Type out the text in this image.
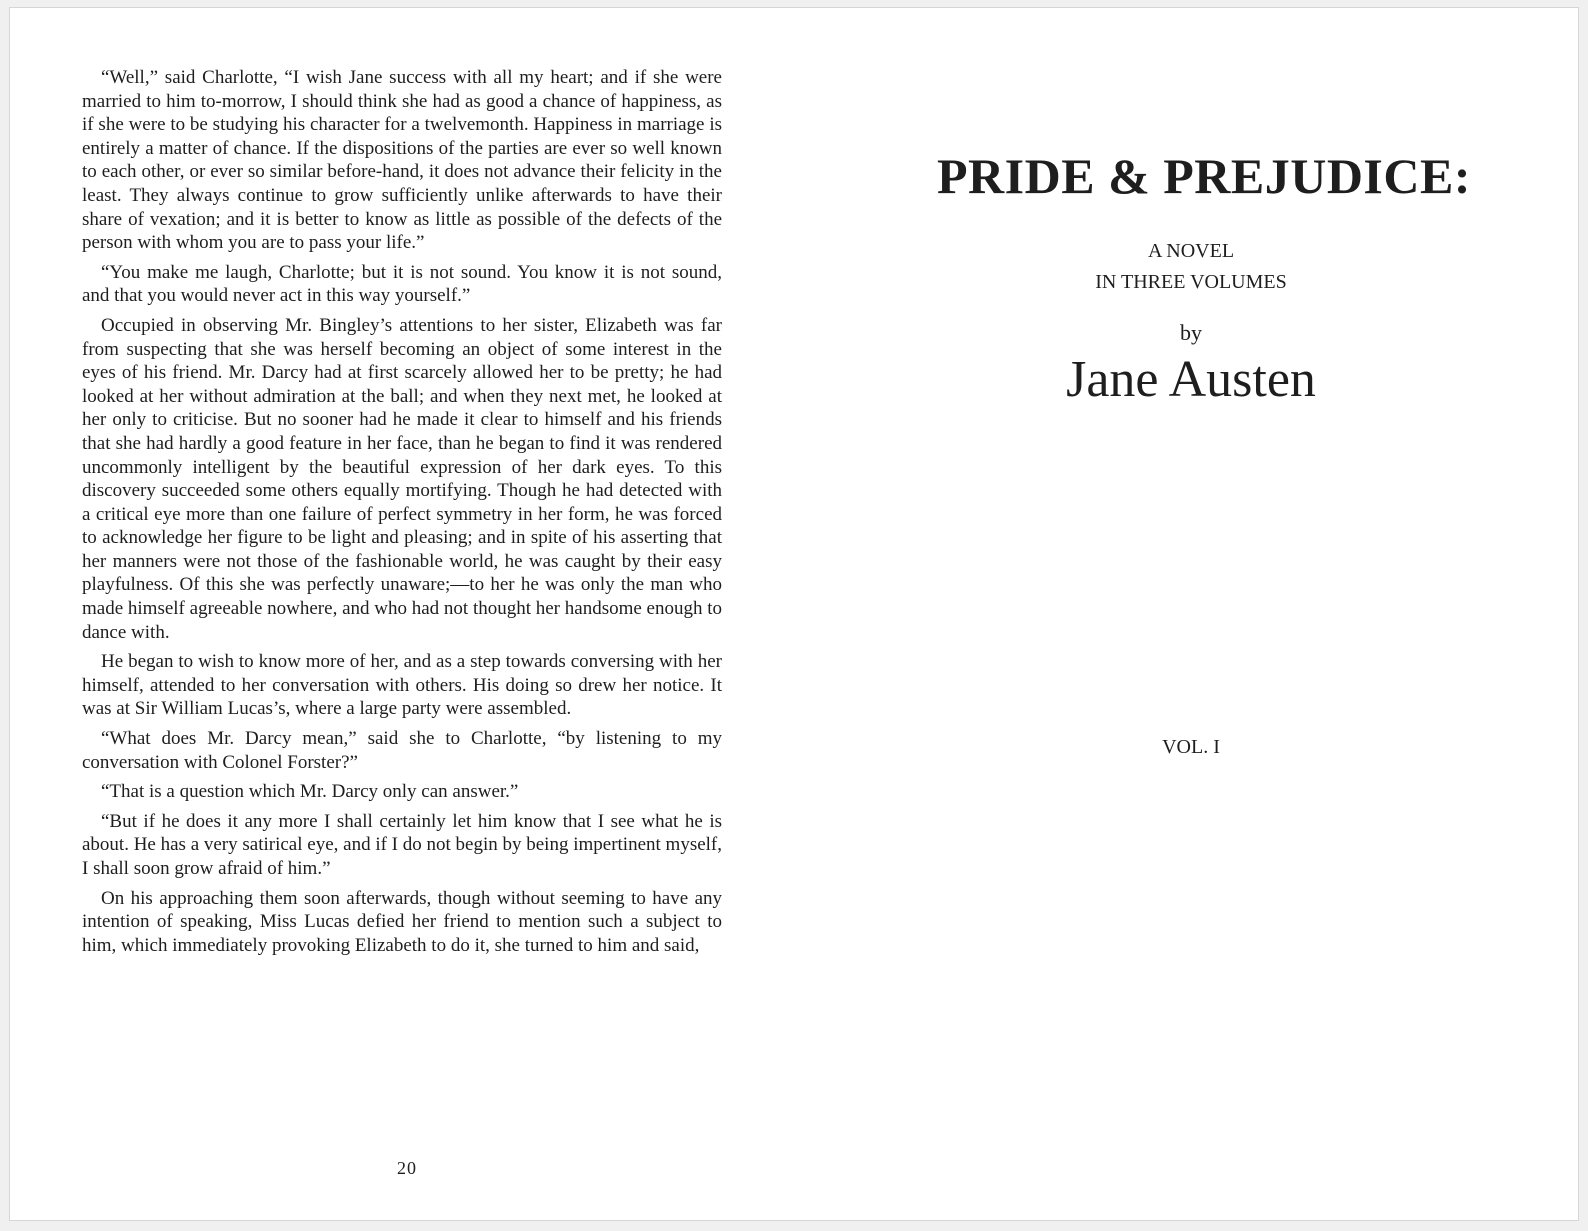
“Well,” said Charlotte, “I wish Jane success with all my heart; and if she were married to him to-morrow, I should think she had as good a chance of happiness, as if she were to be studying his character for a twelvemonth. Happiness in marriage is entirely a matter of chance. If the dispositions of the parties are ever so well known to each other, or ever so similar before-hand, it does not advance their felicity in the least. They always continue to grow sufficiently unlike afterwards to have their share of vexation; and it is better to know as little as possible of the defects of the person with whom you are to pass your life.”

“You make me laugh, Charlotte; but it is not sound. You know it is not sound, and that you would never act in this way yourself.”

Occupied in observing Mr. Bingley’s attentions to her sister, Elizabeth was far from suspecting that she was herself becoming an object of some interest in the eyes of his friend. Mr. Darcy had at first scarcely allowed her to be pretty; he had looked at her without admiration at the ball; and when they next met, he looked at her only to criticise. But no sooner had he made it clear to himself and his friends that she had hardly a good feature in her face, than he began to find it was rendered uncommonly intelligent by the beautiful expression of her dark eyes. To this discovery succeeded some others equally mortifying. Though he had detected with a critical eye more than one failure of perfect symmetry in her form, he was forced to acknowledge her figure to be light and pleasing; and in spite of his asserting that her manners were not those of the fashionable world, he was caught by their easy playfulness. Of this she was perfectly unaware;—to her he was only the man who made himself agreeable nowhere, and who had not thought her handsome enough to dance with.

He began to wish to know more of her, and as a step towards conversing with her himself, attended to her conversation with others. His doing so drew her notice. It was at Sir William Lucas’s, where a large party were assembled.

“What does Mr. Darcy mean,” said she to Charlotte, “by listening to my conversation with Colonel Forster?”

“That is a question which Mr. Darcy only can answer.”

“But if he does it any more I shall certainly let him know that I see what he is about. He has a very satirical eye, and if I do not begin by being impertinent myself, I shall soon grow afraid of him.”

On his approaching them soon afterwards, though without seeming to have any intention of speaking, Miss Lucas defied her friend to mention such a subject to him, which immediately provoking Elizabeth to do it, she turned to him and said,

20
PRIDE & PREJUDICE:
A NOVEL
IN THREE VOLUMES
by
Jane Austen
VOL. I
